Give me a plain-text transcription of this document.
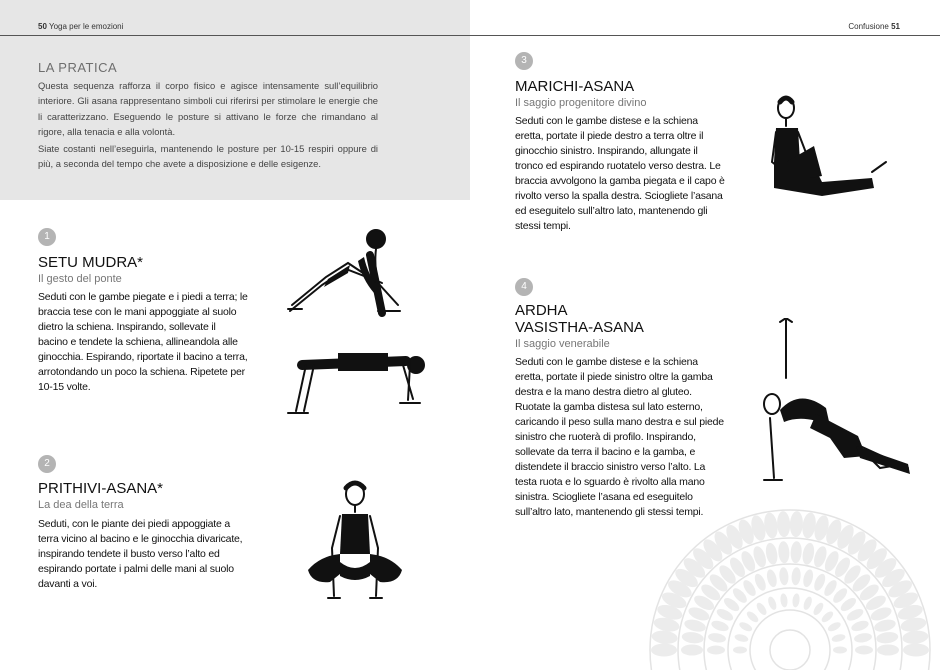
50 Yoga per le emozioni
LA PRATICA
Questa sequenza rafforza il corpo fisico e agisce intensamente sull’equilibrio interiore. Gli asana rappresentano simboli cui riferirsi per stimolare le energie che li caratterizzano. Eseguendo le posture si attivano le forze che rimandano al rigore, alla tenacia e alla volontà.
Siate costanti nell’eseguirla, mantenendo le posture per 10-15 respiri oppure di più, a seconda del tempo che avete a disposizione e delle esigenze.
1
SETU MUDRA*
Il gesto del ponte
Seduti con le gambe piegate e i piedi a terra; le braccia tese con le mani appoggiate al suolo dietro la schiena. Inspirando, sollevate il bacino e tendete la schiena, allineandola alle ginocchia. Espirando, riportate il bacino a terra, arrotondando un poco la schiena. Ripetete per 10-15 volte.
2
PRITHIVI-ASANA*
La dea della terra
Seduti, con le piante dei piedi appoggiate a terra vicino al bacino e le ginocchia divaricate, inspirando tendete il busto verso l’alto ed espirando portate i palmi delle mani al suolo davanti a voi.
Confusione 51
3
MARICHI-ASANA
Il saggio progenitore divino
Seduti con le gambe distese e la schiena eretta, portate il piede destro a terra oltre il ginocchio sinistro. Inspirando, allungate il tronco ed espirando ruotatelo verso destra. Le braccia avvolgono la gamba piegata e il capo è rivolto verso la spalla destra. Sciogliete l’asana ed eseguitelo sull’altro lato, mantenendo gli stessi tempi.
4
ARDHA
VASISTHA-ASANA
Il saggio venerabile
Seduti con le gambe distese e la schiena eretta, portate il piede sinistro oltre la gamba destra e la mano destra dietro al gluteo. Ruotate la gamba distesa sul lato esterno, caricando il peso sulla mano destra e sul piede sinistro che ruoterà di profilo. Inspirando, sollevate da terra il bacino e la gamba, e distendete il braccio sinistro verso l’alto. La testa ruota e lo sguardo è rivolto alla mano sinistra. Sciogliete l’asana ed eseguitelo sull’altro lato, mantenendo gli stessi tempi.
